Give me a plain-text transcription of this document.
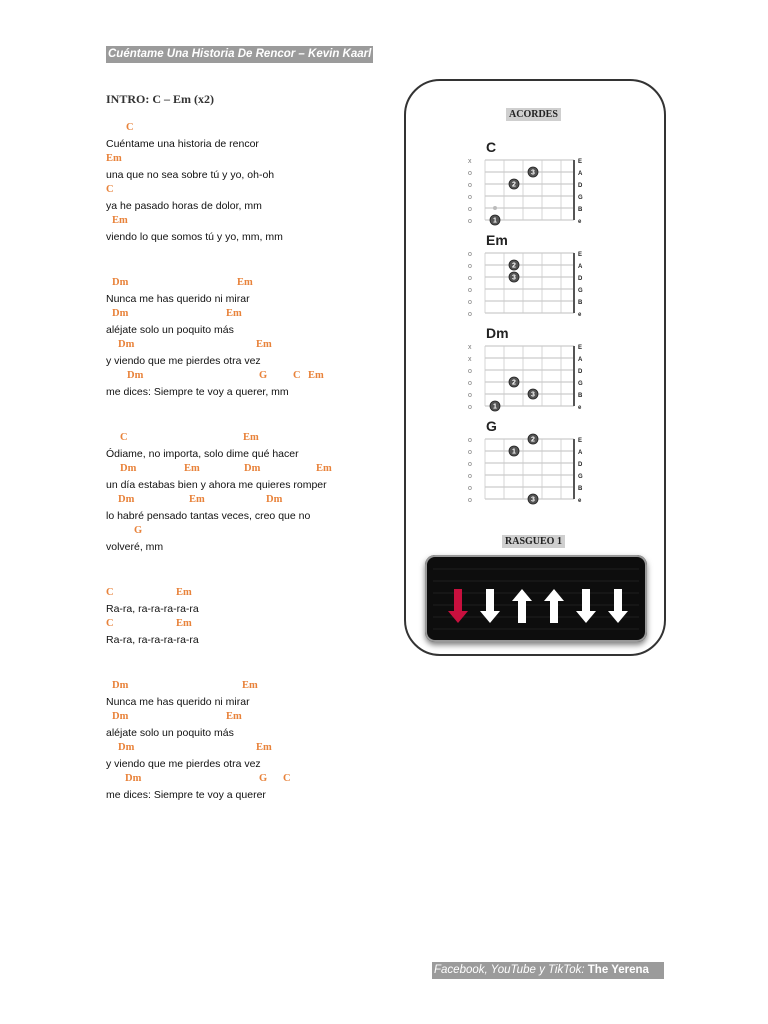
Cuéntame Una Historia De Rencor – Kevin Kaarl
INTRO: C – Em (x2)
C
Cuéntame una historia de rencor
Em
una que no sea sobre tú y yo, oh-oh
C
ya he pasado horas de dolor, mm
Em
viendo lo que somos tú y yo, mm, mm
Dm	Em
Nunca me has querido ni mirar
Dm	Em
aléjate solo un poquito más
Dm	Em
y viendo que me pierdes otra vez
Dm	G C Em
me dices: Siempre te voy a querer, mm
C	Em
Ódiame, no importa, solo dime qué hacer
Dm	Em	Dm	Em
un día estabas bien y ahora me quieres romper
Dm	Em	Dm
lo habré pensado tantas veces, creo que no
G
volveré, mm
C	Em
Ra-ra, ra-ra-ra-ra-ra
C	Em
Ra-ra, ra-ra-ra-ra-ra
Dm	Em
Nunca me has querido ni mirar
Dm	Em
aléjate solo un poquito más
Dm	Em
y viendo que me pierdes otra vez
Dm	G C
me dices: Siempre te voy a querer
ACORDES
RASGUEO 1
C
x	E
o	A
o	D
o	G
o	B
o	e
3
2
1
Em
o	E
o	A
o	D
o	G
o	B
o	e
2
3
Dm
x	E
x	A
o	D
o	G
o	B
o	e
2
3
1
G
o	E
o	A
o	D
o	G
o	B
o	e
2
1
3
Facebook, YouTube y TikTok: The Yerena
